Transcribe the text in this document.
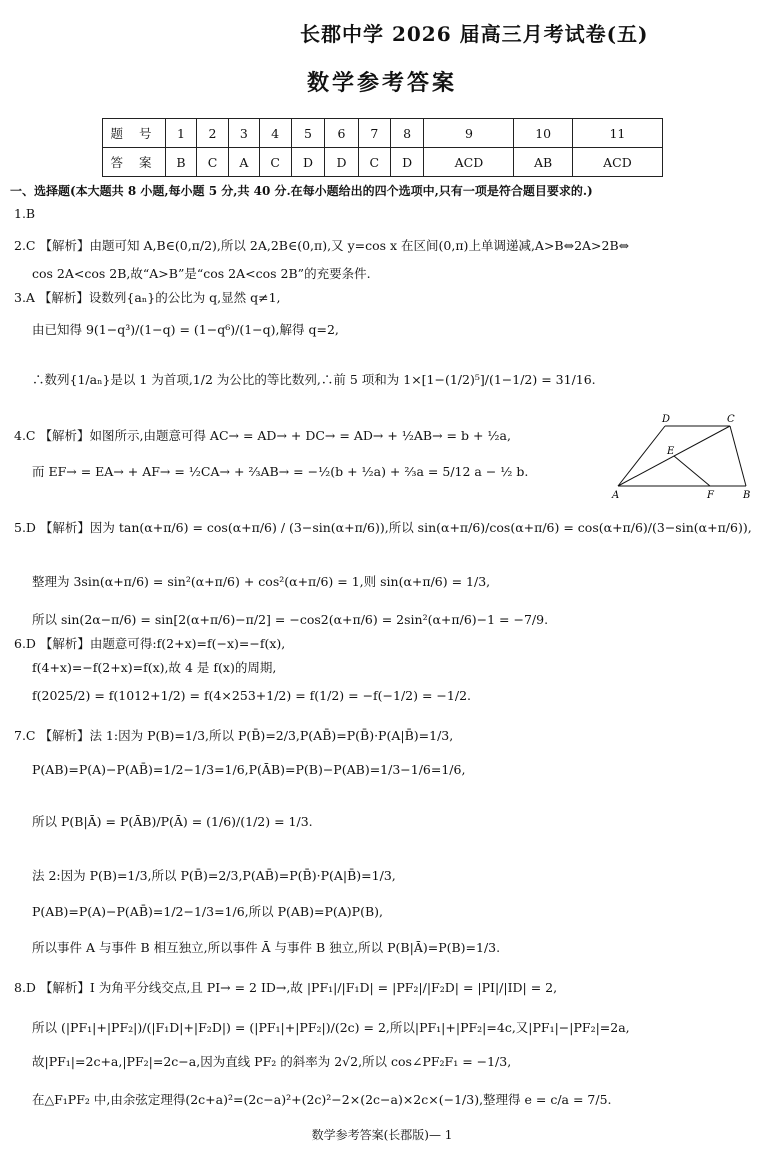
长郡中学 2026 届高三月考试卷(五)
数学参考答案
题 号	1	2	3	4	5	6	7	8	9	10	11
答 案	B	C	A	C	D	D	C	D	ACD	AB	ACD
一、选择题(本大题共 8 小题,每小题 5 分,共 40 分.在每小题给出的四个选项中,只有一项是符合题目要求的.)
1.B
2.C 【解析】由题可知 A,B∈(0,π/2),所以 2A,2B∈(0,π),又 y=cos x 在区间(0,π)上单调递减,A>B⇔2A>2B⇔
cos 2A<cos 2B,故“A>B”是“cos 2A<cos 2B”的充要条件.
3.A 【解析】设数列{aₙ}的公比为 q,显然 q≠1,
由已知得 9(1−q³)/(1−q) = (1−q⁶)/(1−q),解得 q=2,
∴数列{1/aₙ}是以 1 为首项,1/2 为公比的等比数列,∴前 5 项和为 1×[1−(1/2)⁵]/(1−1/2) = 31/16.
4.C 【解析】如图所示,由题意可得 AC→ = AD→ + DC→ = AD→ + ½AB→ = b + ½a,
而 EF→ = EA→ + AF→ = ½CA→ + ⅔AB→ = −½(b + ½a) + ⅔a = 5/12 a − ½ b.
5.D 【解析】因为 tan(α+π/6) = cos(α+π/6) / (3−sin(α+π/6)),所以 sin(α+π/6)/cos(α+π/6) = cos(α+π/6)/(3−sin(α+π/6)),
整理为 3sin(α+π/6) = sin²(α+π/6) + cos²(α+π/6) = 1,则 sin(α+π/6) = 1/3,
所以 sin(2α−π/6) = sin[2(α+π/6)−π/2] = −cos2(α+π/6) = 2sin²(α+π/6)−1 = −7/9.
6.D 【解析】由题意可得:f(2+x)=f(−x)=−f(x),
f(4+x)=−f(2+x)=f(x),故 4 是 f(x)的周期,
f(2025/2) = f(1012+1/2) = f(4×253+1/2) = f(1/2) = −f(−1/2) = −1/2.
7.C 【解析】法 1:因为 P(B)=1/3,所以 P(B̄)=2/3,P(AB̄)=P(B̄)·P(A|B̄)=1/3,
P(AB)=P(A)−P(AB̄)=1/2−1/3=1/6,P(ĀB)=P(B)−P(AB)=1/3−1/6=1/6,
所以 P(B|Ā) = P(ĀB)/P(Ā) = (1/6)/(1/2) = 1/3.
法 2:因为 P(B)=1/3,所以 P(B̄)=2/3,P(AB̄)=P(B̄)·P(A|B̄)=1/3,
P(AB)=P(A)−P(AB̄)=1/2−1/3=1/6,所以 P(AB)=P(A)P(B),
所以事件 A 与事件 B 相互独立,所以事件 Ā 与事件 B 独立,所以 P(B|Ā)=P(B)=1/3.
8.D 【解析】I 为角平分线交点,且 PI→ = 2 ID→,故 |PF₁|/|F₁D| = |PF₂|/|F₂D| = |PI|/|ID| = 2,
所以 (|PF₁|+|PF₂|)/(|F₁D|+|F₂D|) = (|PF₁|+|PF₂|)/(2c) = 2,所以|PF₁|+|PF₂|=4c,又|PF₁|−|PF₂|=2a,
故|PF₁|=2c+a,|PF₂|=2c−a,因为直线 PF₂ 的斜率为 2√2,所以 cos∠PF₂F₁ = −1/3,
在△F₁PF₂ 中,由余弦定理得(2c+a)²=(2c−a)²+(2c)²−2×(2c−a)×2c×(−1/3),整理得 e = c/a = 7/5.
D	C
E
A	F	B
数学参考答案(长郡版)— 1
